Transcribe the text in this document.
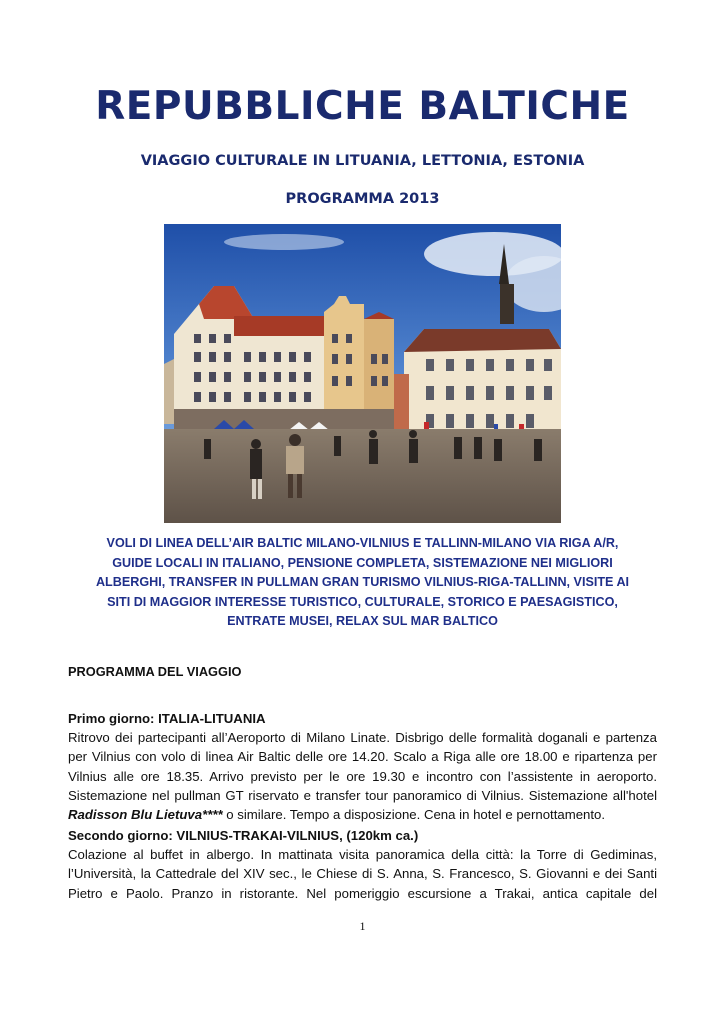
REPUBBLICHE BALTICHE
VIAGGIO CULTURALE IN LITUANIA, LETTONIA, ESTONIA
PROGRAMMA 2013
VOLI DI LINEA DELL’AIR BALTIC MILANO-VILNIUS E TALLINN-MILANO VIA RIGA A/R,
GUIDE LOCALI IN ITALIANO, PENSIONE COMPLETA, SISTEMAZIONE NEI MIGLIORI
ALBERGHI, TRANSFER IN PULLMAN GRAN TURISMO VILNIUS-RIGA-TALLINN, VISITE AI
SITI DI MAGGIOR INTERESSE TURISTICO, CULTURALE, STORICO E PAESAGISTICO,
ENTRATE MUSEI, RELAX SUL MAR BALTICO
PROGRAMMA DEL VIAGGIO
Primo giorno: ITALIA-LITUANIA
Ritrovo dei partecipanti all’Aeroporto di Milano Linate. Disbrigo delle formalità doganali e partenza
per Vilnius con volo di linea Air Baltic delle ore 14.20. Scalo a Riga alle ore 18.00 e ripartenza per
Vilnius alle ore 18.35. Arrivo previsto per le ore 19.30 e incontro con l’assistente in aeroporto.
Sistemazione nel pullman GT riservato e transfer tour panoramico di Vilnius. Sistemazione all'hotel
Radisson Blu Lietuva**** o similare. Tempo a disposizione. Cena in hotel e pernottamento.
Secondo giorno: VILNIUS-TRAKAI-VILNIUS, (120km ca.)
Colazione al buffet in albergo. In mattinata visita panoramica della città: la Torre di Gediminas,
l’Università, la Cattedrale del XIV sec., le Chiese di S. Anna, S. Francesco, S. Giovanni e dei Santi
Pietro e Paolo. Pranzo in ristorante. Nel pomeriggio escursione a Trakai, antica capitale del
1
